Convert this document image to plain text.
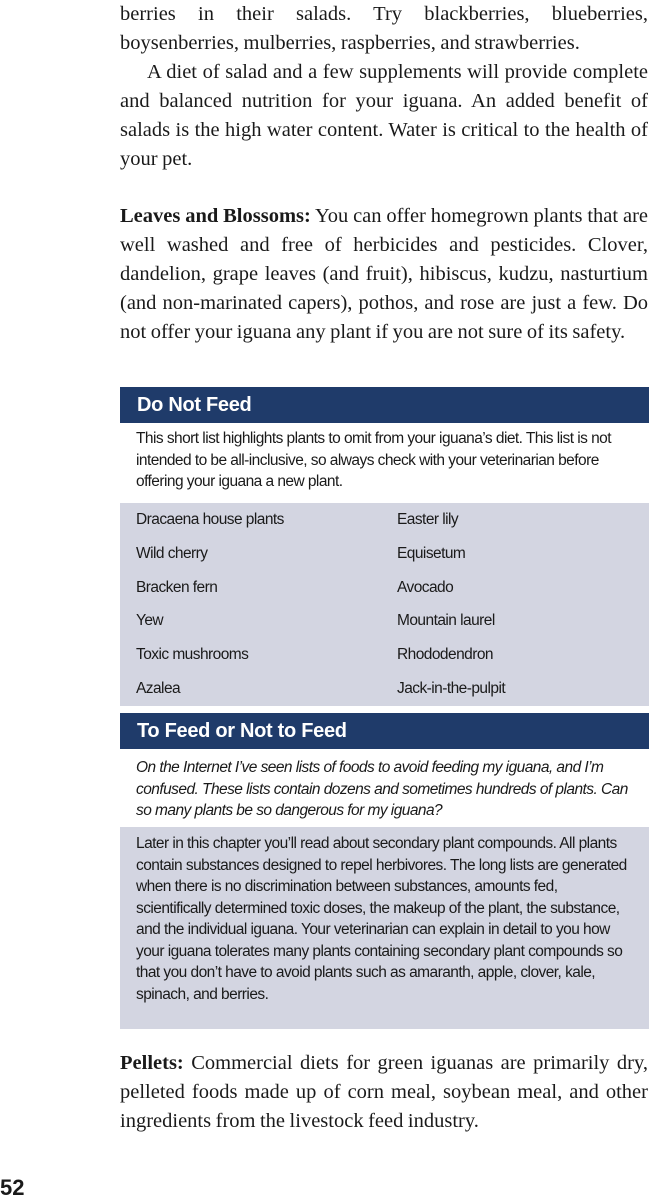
berries in their salads. Try blackberries, blueberries, boysenberries, mulberries, raspberries, and strawberries.

A diet of salad and a few supplements will provide complete and balanced nutrition for your iguana. An added benefit of salads is the high water content. Water is critical to the health of your pet.

Leaves and Blossoms: You can offer homegrown plants that are well washed and free of herbicides and pesticides. Clover, dandelion, grape leaves (and fruit), hibiscus, kudzu, nasturtium (and non-marinated capers), pothos, and rose are just a few. Do not offer your iguana any plant if you are not sure of its safety.

Do Not Feed

This short list highlights plants to omit from your iguana’s diet. This list is not intended to be all-inclusive, so always check with your veterinarian before offering your iguana a new plant.

Dracaena house plants
Wild cherry
Bracken fern
Yew
Toxic mushrooms
Azalea
Easter lily
Equisetum
Avocado
Mountain laurel
Rhododendron
Jack-in-the-pulpit
To Feed or Not to Feed

On the Internet I’ve seen lists of foods to avoid feeding my iguana, and I’m confused. These lists contain dozens and sometimes hundreds of plants. Can so many plants be so dangerous for my iguana?

Later in this chapter you’ll read about secondary plant compounds. All plants contain substances designed to repel herbivores. The long lists are generated when there is no discrimination between substances, amounts fed, scientifically determined toxic doses, the makeup of the plant, the substance, and the individual iguana. Your veterinarian can explain in detail to you how your iguana tolerates many plants containing secondary plant compounds so that you don’t have to avoid plants such as amaranth, apple, clover, kale, spinach, and berries.

Pellets: Commercial diets for green iguanas are primarily dry, pelleted foods made up of corn meal, soybean meal, and other ingredients from the livestock feed industry.

52
